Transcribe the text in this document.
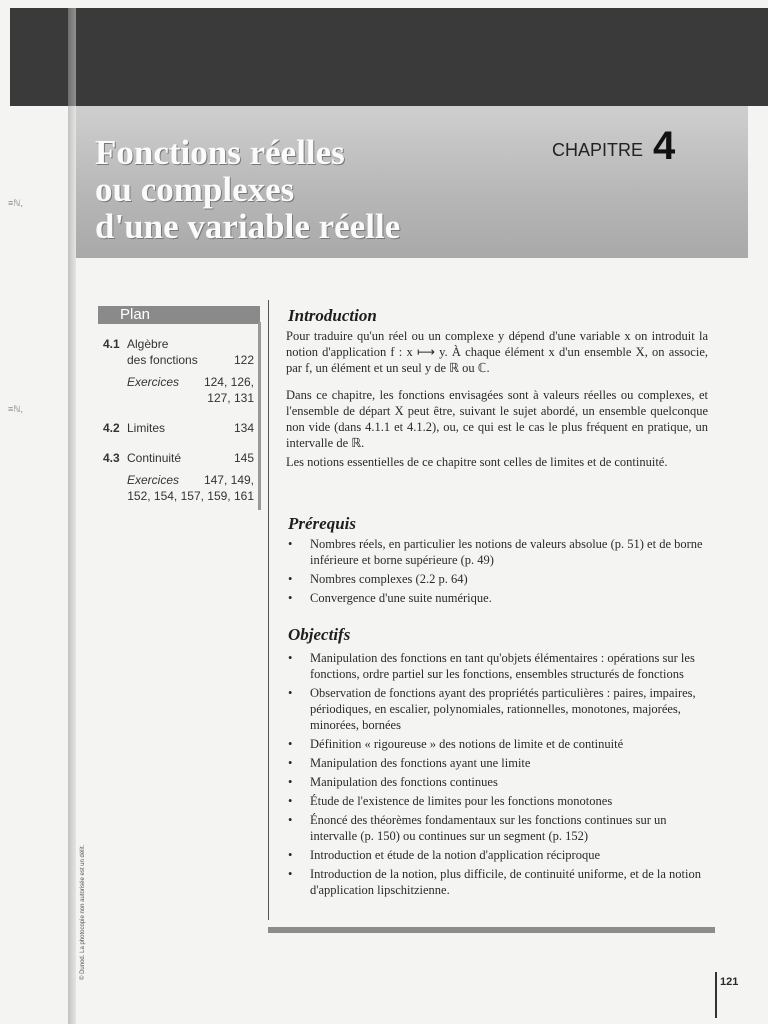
Fonctions réelles
ou complexes
d'une variable réelle
CHAPITRE 4
≡ℕ,
≡ℕ,
Plan
4.1 Algèbre
des fonctions	122
Exercices 124, 126,
127, 131
4.2 Limites	134
4.3 Continuité	145
Exercices 147, 149,
152, 154, 157, 159, 161
Introduction

Pour traduire qu'un réel ou un complexe y dépend d'une variable x on introduit la notion d'application f : x ⟼ y. À chaque élément x d'un ensemble X, on associe, par f, un élément et un seul y de ℝ ou ℂ.

Dans ce chapitre, les fonctions envisagées sont à valeurs réelles ou complexes, et l'ensemble de départ X peut être, suivant le sujet abordé, un ensemble quelconque non vide (dans 4.1.1 et 4.1.2), ou, ce qui est le cas le plus fréquent en pratique, un intervalle de ℝ.

Les notions essentielles de ce chapitre sont celles de limites et de continuité.

Prérequis
• Nombres réels, en particulier les notions de valeurs absolue (p. 51) et de borne inférieure et borne supérieure (p. 49)
• Nombres complexes (2.2 p. 64)
• Convergence d'une suite numérique.
Objectifs
• Manipulation des fonctions en tant qu'objets élémentaires : opérations sur les fonctions, ordre partiel sur les fonctions, ensembles structurés de fonctions
• Observation de fonctions ayant des propriétés particulières : paires, impaires, périodiques, en escalier, polynomiales, rationnelles, monotones, majorées, minorées, bornées
• Définition « rigoureuse » des notions de limite et de continuité
• Manipulation des fonctions ayant une limite
• Manipulation des fonctions continues
• Étude de l'existence de limites pour les fonctions monotones
• Énoncé des théorèmes fondamentaux sur les fonctions continues sur un intervalle (p. 150) ou continues sur un segment (p. 152)
• Introduction et étude de la notion d'application réciproque
• Introduction de la notion, plus difficile, de continuité uniforme, et de la notion d'application lipschitzienne.
© Dunod. La photocopie non autorisée est un délit.
121
